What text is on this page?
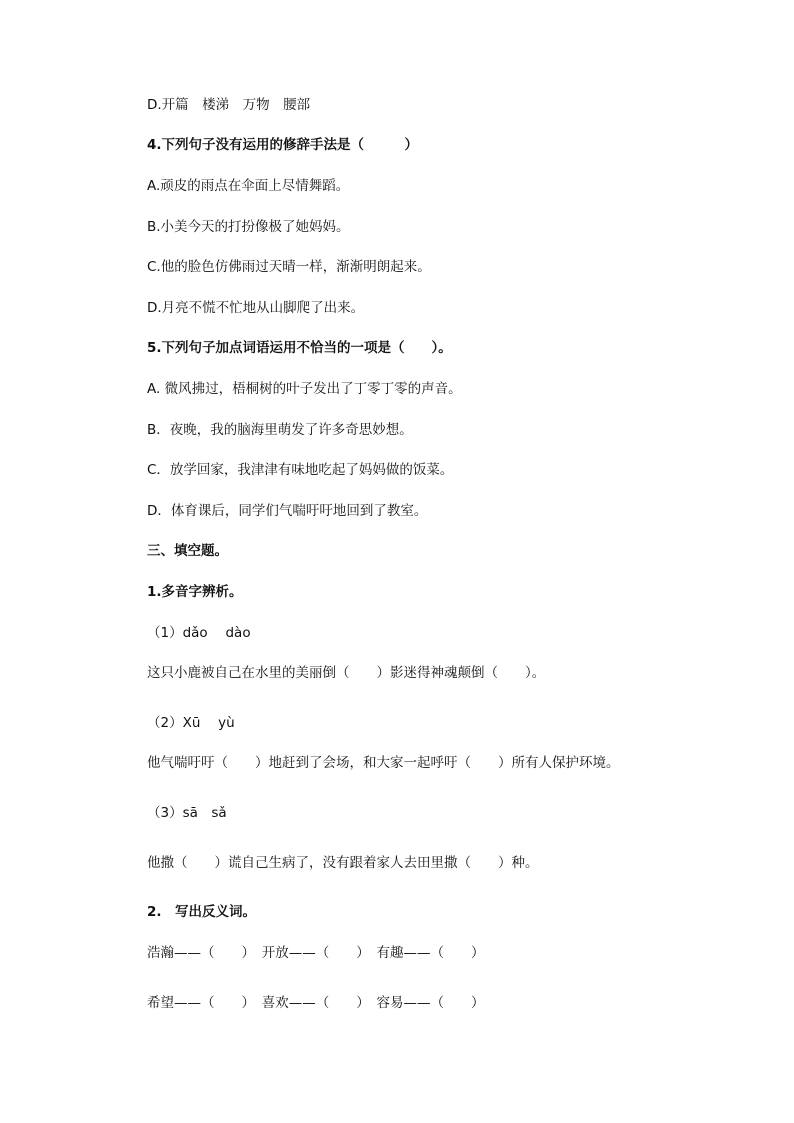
D.开篇　楼涕　万物　腰部
4.下列句子没有运用的修辞手法是（　　　）
A.顽皮的雨点在伞面上尽情舞蹈。
B.小美今天的打扮像极了她妈妈。
C.他的脸色仿佛雨过天晴一样，渐渐明朗起来。
D.月亮不慌不忙地从山脚爬了出来。
5.下列句子加点词语运用不恰当的一项是（　　）。
A. 微风拂过，梧桐树的叶子发出了丁零丁零的声音。
B．夜晚，我的脑海里萌发了许多奇思妙想。
C．放学回家，我津津有味地吃起了妈妈做的饭菜。
D．体育课后，同学们气喘吁吁地回到了教室。
三、填空题。
1.多音字辨析。
（1）dǎo　 dào
这只小鹿被自己在水里的美丽倒（　　）影迷得神魂颠倒（　　）。
（2）Xū　 yù
他气喘吁吁（　　）地赶到了会场，和大家一起呼吁（　　）所有人保护环境。
（3）sā　sǎ
他撒（　　）谎自己生病了，没有跟着家人去田里撒（　　）种。
2.　写出反义词。
浩瀚——（　　）　开放——（　　）　有趣——（　　）
希望——（　　）　喜欢——（　　）　容易——（　　）
